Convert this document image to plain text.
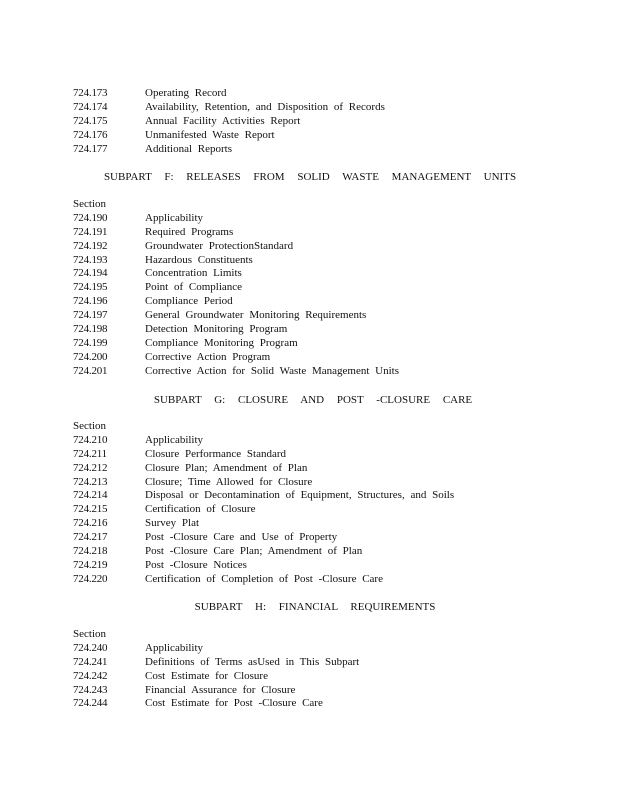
724.173	Operating Record
724.174	Availability, Retention, and Disposition of Records
724.175	Annual Facility Activities Report
724.176	Unmanifested Waste Report
724.177	Additional Reports
SUBPART F: RELEASES FROM SOLID WASTE MANAGEMENT UNITS
Section
724.190	Applicability
724.191	Required Programs
724.192	Groundwater ProtectionStandard
724.193	Hazardous Constituents
724.194	Concentration Limits
724.195	Point of Compliance
724.196	Compliance Period
724.197	General Groundwater Monitoring Requirements
724.198	Detection Monitoring Program
724.199	Compliance Monitoring Program
724.200	Corrective Action Program
724.201	Corrective Action for Solid Waste Management Units
SUBPART G: CLOSURE AND POST -CLOSURE CARE
Section
724.210	Applicability
724.211	Closure Performance Standard
724.212	Closure Plan; Amendment of Plan
724.213	Closure; Time Allowed for Closure
724.214	Disposal or Decontamination of Equipment, Structures, and Soils
724.215	Certification of Closure
724.216	Survey Plat
724.217	Post -Closure Care and Use of Property
724.218	Post -Closure Care Plan; Amendment of Plan
724.219	Post -Closure Notices
724.220	Certification of Completion of Post -Closure Care
SUBPART H: FINANCIAL REQUIREMENTS
Section
724.240	Applicability
724.241	Definitions of Terms asUsed in This Subpart
724.242	Cost Estimate for Closure
724.243	Financial Assurance for Closure
724.244	Cost Estimate for Post -Closure Care
